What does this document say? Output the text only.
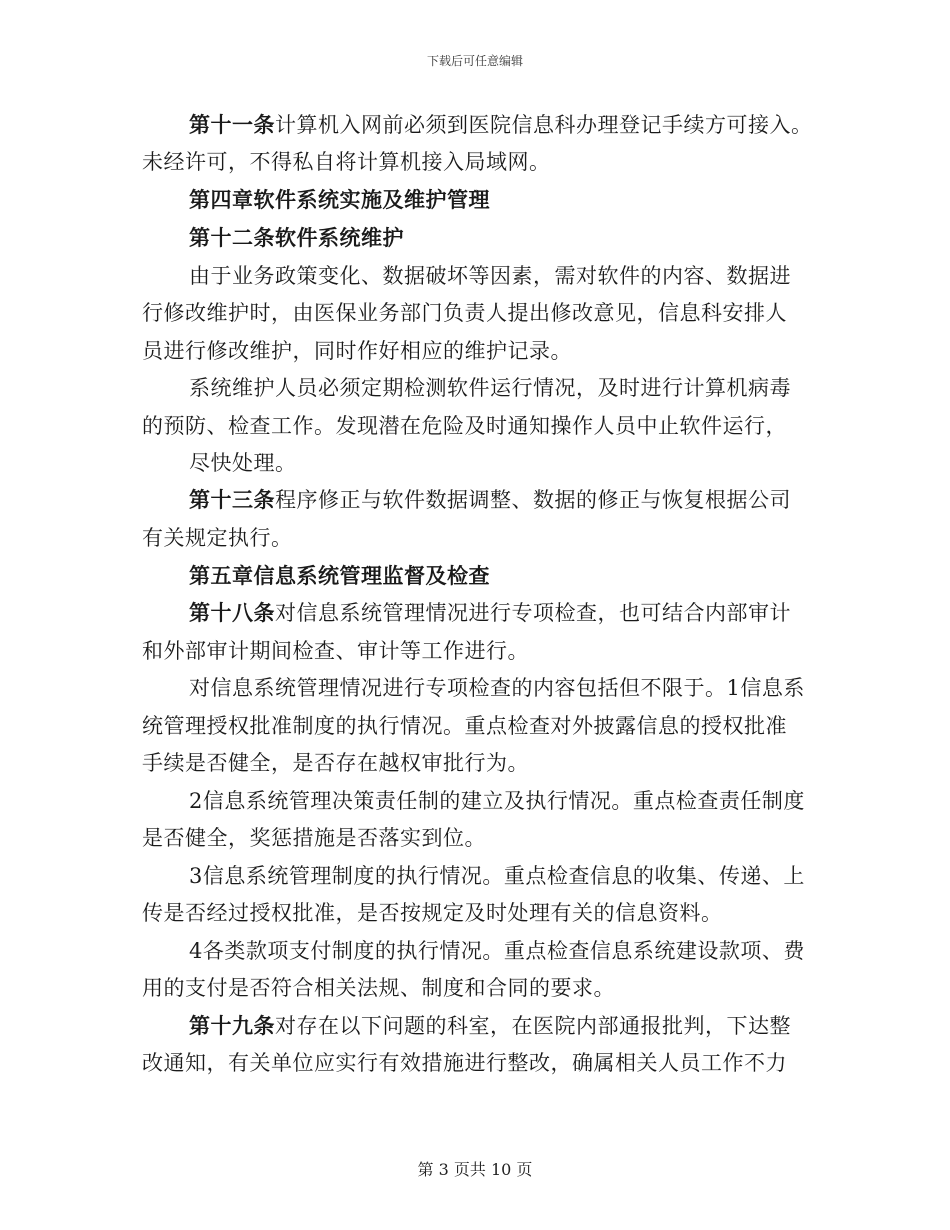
下载后可任意编辑
第十一条计算机入网前必须到医院信息科办理登记手续方可接入。
未经许可，不得私自将计算机接入局域网。
第四章软件系统实施及维护管理
第十二条软件系统维护
由于业务政策变化、数据破坏等因素，需对软件的内容、数据进
行修改维护时，由医保业务部门负责人提出修改意见，信息科安排人
员进行修改维护，同时作好相应的维护记录。
系统维护人员必须定期检测软件运行情况，及时进行计算机病毒
的预防、检查工作。发现潜在危险及时通知操作人员中止软件运行，
尽快处理。
第十三条程序修正与软件数据调整、数据的修正与恢复根据公司
有关规定执行。
第五章信息系统管理监督及检查
第十八条对信息系统管理情况进行专项检查，也可结合内部审计
和外部审计期间检查、审计等工作进行。
对信息系统管理情况进行专项检查的内容包括但不限于。1信息系
统管理授权批准制度的执行情况。重点检查对外披露信息的授权批准
手续是否健全，是否存在越权审批行为。
2信息系统管理决策责任制的建立及执行情况。重点检查责任制度
是否健全，奖惩措施是否落实到位。
3信息系统管理制度的执行情况。重点检查信息的收集、传递、上
传是否经过授权批准，是否按规定及时处理有关的信息资料。
4各类款项支付制度的执行情况。重点检查信息系统建设款项、费
用的支付是否符合相关法规、制度和合同的要求。
第十九条对存在以下问题的科室，在医院内部通报批判，下达整
改通知，有关单位应实行有效措施进行整改，确属相关人员工作不力
第 3 页共 10 页
